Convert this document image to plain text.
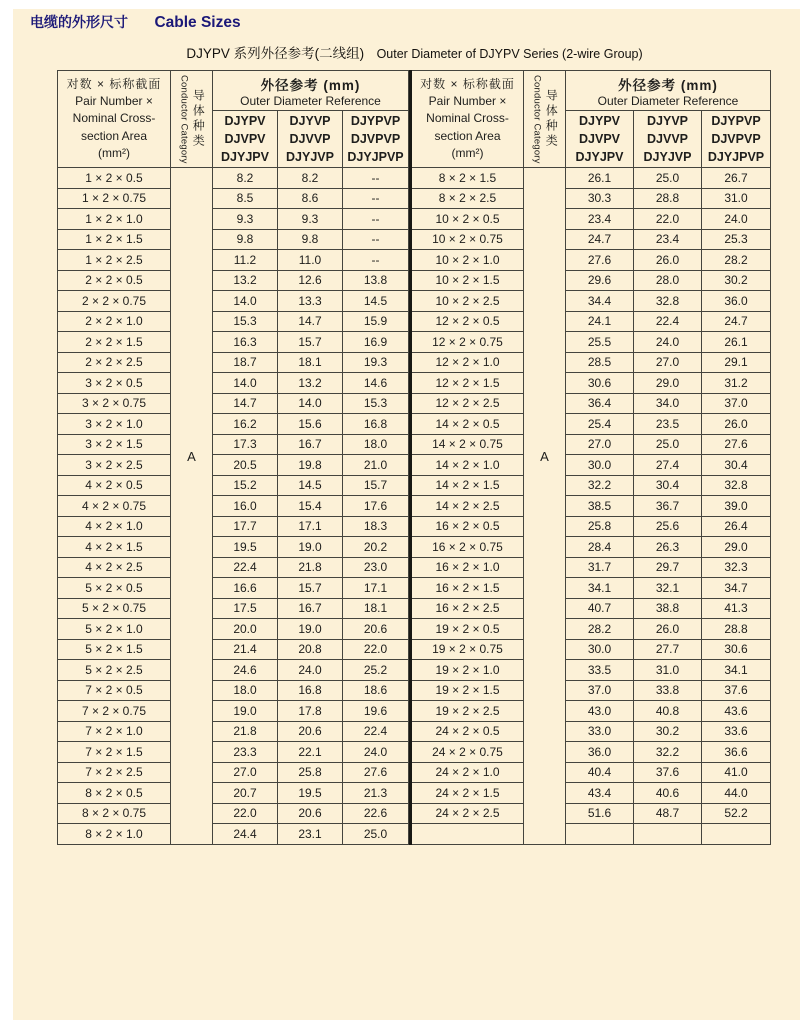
电缆的外形尺寸 Cable Sizes
DJYPV 系列外径参考(二线组) Outer Diameter of DJYPV Series (2-wire Group)
对数 × 标称截面
Pair Number ×
Nominal Cross-
section Area
(mm²)	Conductor Category 导体种类

外径参考 (mm)
Outer Diameter Reference

DJYPV
DJVPV
DJYJPV

DJYVP
DJVVP
DJYJVP

DJYPVP
DJVPVP
DJYJPVP

1 × 2 × 0.5	A	8.2	8.2	--
1 × 2 × 0.75		8.5	8.6	--
1 × 2 × 1.0		9.3	9.3	--
1 × 2 × 1.5		9.8	9.8	--
1 × 2 × 2.5		11.2	11.0	--
2 × 2 × 0.5		13.2	12.6	13.8
2 × 2 × 0.75		14.0	13.3	14.5
2 × 2 × 1.0		15.3	14.7	15.9
2 × 2 × 1.5		16.3	15.7	16.9
2 × 2 × 2.5		18.7	18.1	19.3
3 × 2 × 0.5		14.0	13.2	14.6
3 × 2 × 0.75		14.7	14.0	15.3
3 × 2 × 1.0		16.2	15.6	16.8
3 × 2 × 1.5		17.3	16.7	18.0
3 × 2 × 2.5		20.5	19.8	21.0
4 × 2 × 0.5		15.2	14.5	15.7
4 × 2 × 0.75		16.0	15.4	17.6
4 × 2 × 1.0		17.7	17.1	18.3
4 × 2 × 1.5		19.5	19.0	20.2
4 × 2 × 2.5		22.4	21.8	23.0
5 × 2 × 0.5		16.6	15.7	17.1
5 × 2 × 0.75		17.5	16.7	18.1
5 × 2 × 1.0		20.0	19.0	20.6
5 × 2 × 1.5		21.4	20.8	22.0
5 × 2 × 2.5		24.6	24.0	25.2
7 × 2 × 0.5		18.0	16.8	18.6
7 × 2 × 0.75		19.0	17.8	19.6
7 × 2 × 1.0		21.8	20.6	22.4
7 × 2 × 1.5		23.3	22.1	24.0
7 × 2 × 2.5		27.0	25.8	27.6
8 × 2 × 0.5		20.7	19.5	21.3
8 × 2 × 0.75		22.0	20.6	22.6
8 × 2 × 1.0		24.4	23.1	25.0
对数 × 标称截面
Pair Number ×
Nominal Cross-
section Area
(mm²)	Conductor Category 导体种类

外径参考 (mm)
Outer Diameter Reference

DJYPV
DJVPV
DJYJPV

DJYVP
DJVVP
DJYJVP

DJYPVP
DJVPVP
DJYJPVP

8 × 2 × 1.5	A	26.1	25.0	26.7
8 × 2 × 2.5		30.3	28.8	31.0
10 × 2 × 0.5		23.4	22.0	24.0
10 × 2 × 0.75		24.7	23.4	25.3
10 × 2 × 1.0		27.6	26.0	28.2
10 × 2 × 1.5		29.6	28.0	30.2
10 × 2 × 2.5		34.4	32.8	36.0
12 × 2 × 0.5		24.1	22.4	24.7
12 × 2 × 0.75		25.5	24.0	26.1
12 × 2 × 1.0		28.5	27.0	29.1
12 × 2 × 1.5		30.6	29.0	31.2
12 × 2 × 2.5		36.4	34.0	37.0
14 × 2 × 0.5		25.4	23.5	26.0
14 × 2 × 0.75		27.0	25.0	27.6
14 × 2 × 1.0		30.0	27.4	30.4
14 × 2 × 1.5		32.2	30.4	32.8
14 × 2 × 2.5		38.5	36.7	39.0
16 × 2 × 0.5		25.8	25.6	26.4
16 × 2 × 0.75		28.4	26.3	29.0
16 × 2 × 1.0		31.7	29.7	32.3
16 × 2 × 1.5		34.1	32.1	34.7
16 × 2 × 2.5		40.7	38.8	41.3
19 × 2 × 0.5		28.2	26.0	28.8
19 × 2 × 0.75		30.0	27.7	30.6
19 × 2 × 1.0		33.5	31.0	34.1
19 × 2 × 1.5		37.0	33.8	37.6
19 × 2 × 2.5		43.0	40.8	43.6
24 × 2 × 0.5		33.0	30.2	33.6
24 × 2 × 0.75		36.0	32.2	36.6
24 × 2 × 1.0		40.4	37.6	41.0
24 × 2 × 1.5		43.4	40.6	44.0
24 × 2 × 2.5		51.6	48.7	52.2
